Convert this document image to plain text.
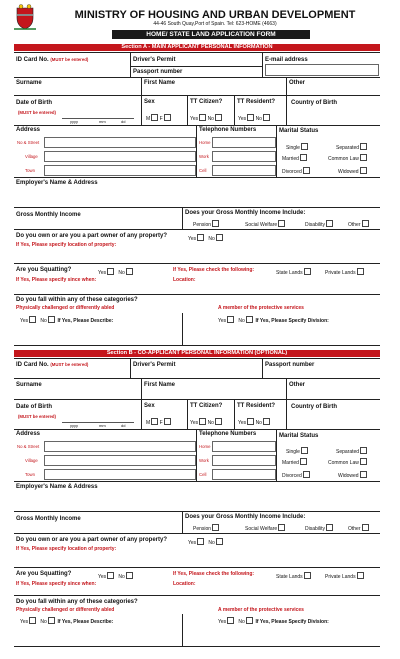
MINISTRY OF HOUSING AND URBAN DEVELOPMENT
44-46 South Quay,Port of Spain. Tel: 623-HOME (4663)
HOME/ STATE LAND APPLICATION FORM
Section A - MAIN APPLICANT PERSONAL INFORMATION
ID Card No. (MUST be entered)	Driver's Permit
Passport number
E-mail address
Surname	First Name	Other
Date of Birth
(MUST be entered)
yyyy	mm	dd
Sex
M F
TT Citizen?
Yes No
TT Resident?
Yes No
Country of Birth
Address
No & Street
Village
Town
Telephone Numbers
Home
Work
Cell
Marital Status
Single	Separated
Married	Common Law
Divorced	Widowed
Employer's Name & Address
Gross Monthly Income	Does your Gross Monthly Income Include:
Pension	Social Welfare	Disability	Other
Do you own or are you a part owner of any property?	Yes No
If Yes, Please specify location of property:
Are you Squatting?	Yes No	If Yes, Please check the following:
Location:
If Yes, Please specify since when:
State Lands	Private Lands
Do you fall within any of these categories?
Physically challenged or differently abled	A member of the protective services
Yes No If Yes, Please Describe:	Yes No If Yes, Please Specify Division:
Section B - CO-APPLICANT PERSONAL INFORMATION (OPTIONAL)
ID Card No. (MUST be entered)	Driver's Permit	Passport number
Surname	First Name	Other
Date of Birth
(MUST be entered)
yyyy	mm	dd
Sex
M F
TT Citizen?
Yes No
TT Resident?
Yes No
Country of Birth
Address
No & Street
Village
Town
Telephone Numbers
Home
Work
Cell
Marital Status
Single	Separated
Married	Common Law
Divorced	Widowed
Employer's Name & Address
Gross Monthly Income	Does your Gross Monthly Income Include:
Pension	Social Welfare	Disability	Other
Do you own or are you a part owner of any property?	Yes No
If Yes, Please specify location of property:
Are you Squatting?	Yes No	If Yes, Please check the following:
Location:
If Yes, Please specify since when:
State Lands	Private Lands
Do you fall within any of these categories?
Physically challenged or differently abled	A member of the protective services
Yes No If Yes, Please Describe:	Yes No If Yes, Please Specify Division:
